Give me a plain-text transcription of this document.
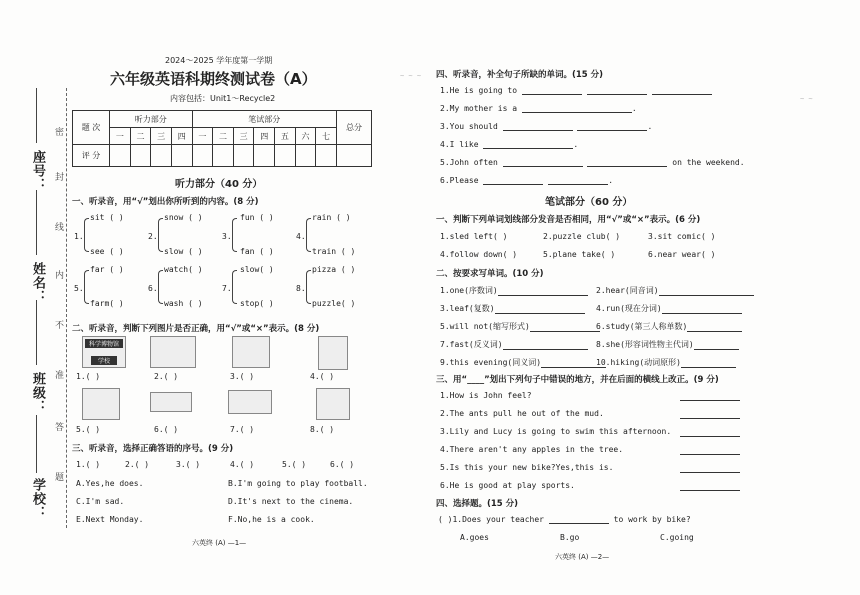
座号：
姓名：
班级：
学校：
密
封
线
内
不
准
答
题
2024～2025 学年度第一学期
六年级英语科期终测试卷（A）
内容包括：Unit1～Recycle2
题 次	听力部分				笔试部分							总分
	一	二	三	四	一	二	三	四	五	六	七	
评 分												
听力部分（40 分）
一、听录音，用“√”划出你所听到的内容。(8 分)
1.
sit ( )
see ( )
2.
snow ( )
slow ( )
3.
fun ( )
fan ( )
4.
rain ( )
train ( )
5.
far ( )
farm( )
6.
watch( )
wash ( )
7.
slow( )
stop( )
8.
pizza ( )
puzzle( )
二、听录音，判断下列图片是否正确，用“√”或“×”表示。(8 分)
科学博物馆
学校
1.( )	2.( )	3.( )	4.( )
5.( )	6.( )	7.( )	8.( )
三、听录音，选择正确答语的序号。(9 分)
1.( )	2.( )	3.( )	4.( )	5.( )	6.( )
A.Yes,he does.	B.I'm going to play football.
C.I'm sad.	D.It's next to the cinema.
E.Next Monday.	F.No,he is a cook.
六英终 (A) —1—
~ ~ ~
~ ~
四、听录音，补全句子所缺的单词。(15 分)
1.He is going to
2.My mother is a	.
3.You should	.
4.I like	.
5.John often	on the weekend.
6.Please	.
笔试部分（60 分）
一、判断下列单词划线部分发音是否相同，用“√”或“×”表示。(6 分)
1.sled left( )	2.puzzle club( )	3.sit comic( )
4.follow down( )	5.plane take( )	6.near wear( )
二、按要求写单词。(10 分)
1.one(序数词)	2.hear(同音词)
3.leaf(复数)	4.run(现在分词)
5.will not(缩写形式)	6.study(第三人称单数)
7.fast(反义词)	8.she(形容词性物主代词)
9.this evening(同义词)	10.hiking(动词原形)
三、用“____”划出下列句子中错误的地方，并在后面的横线上改正。(9 分)
1.How is John feel?
2.The ants pull he out of the mud.
3.Lily and Lucy is going to swim this afternoon.
4.There aren't any apples in the tree.
5.Is this your new bike?Yes,this is.
6.He is good at play sports.
四、选择题。(15 分)
( )1.Does your teacher	to work by bike?
A.goes	B.go	C.going
六英终 (A) —2—
